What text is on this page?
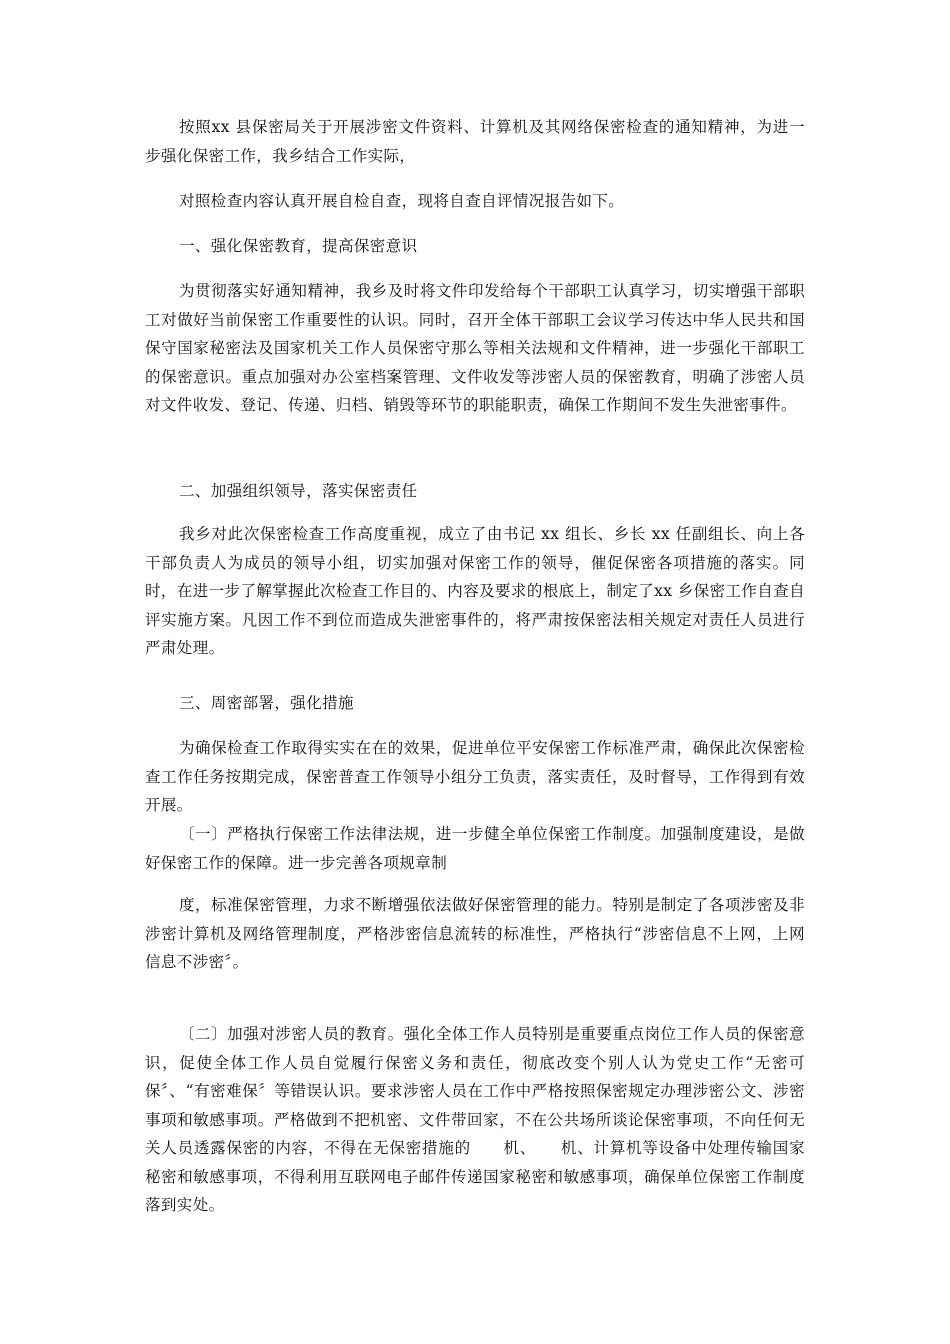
按照xx 县保密局关于开展涉密文件资料、计算机及其网络保密检查的通知精神，为进一步强化保密工作，我乡结合工作实际，

对照检查内容认真开展自检自查，现将自查自评情况报告如下。

一、强化保密教育，提高保密意识

为贯彻落实好通知精神，我乡及时将文件印发给每个干部职工认真学习，切实增强干部职工对做好当前保密工作重要性的认识。同时，召开全体干部职工会议学习传达中华人民共和国保守国家秘密法及国家机关工作人员保密守那么等相关法规和文件精神，进一步强化干部职工的保密意识。重点加强对办公室档案管理、文件收发等涉密人员的保密教育，明确了涉密人员对文件收发、登记、传递、归档、销毁等环节的职能职责，确保工作期间不发生失泄密事件。

二、加强组织领导，落实保密责任

我乡对此次保密检查工作高度重视，成立了由书记 xx 组长、乡长 xx 任副组长、向上各干部负责人为成员的领导小组，切实加强对保密工作的领导，催促保密各项措施的落实。同时，在进一步了解掌握此次检查工作目的、内容及要求的根底上，制定了xx 乡保密工作自查自评实施方案。凡因工作不到位而造成失泄密事件的，将严肃按保密法相关规定对责任人员进行严肃处理。

三、周密部署，强化措施

为确保检查工作取得实实在在的效果，促进单位平安保密工作标准严肃，确保此次保密检查工作任务按期完成，保密普查工作领导小组分工负责，落实责任，及时督导，工作得到有效开展。

〔一〕严格执行保密工作法律法规，进一步健全单位保密工作制度。加强制度建设，是做好保密工作的保障。进一步完善各项规章制

度，标准保密管理，力求不断增强依法做好保密管理的能力。特别是制定了各项涉密及非涉密计算机及网络管理制度，严格涉密信息流转的标准性，严格执行“涉密信息不上网，上网信息不涉密〞。

〔二〕加强对涉密人员的教育。强化全体工作人员特别是重要重点岗位工作人员的保密意识，促使全体工作人员自觉履行保密义务和责任，彻底改变个别人认为党史工作“无密可保〞、“有密难保〞等错误认识。要求涉密人员在工作中严格按照保密规定办理涉密公文、涉密事项和敏感事项。严格做到不把机密、文件带回家，不在公共场所谈论保密事项，不向任何无关人员透露保密的内容，不得在无保密措施的　　机、　　机、计算机等设备中处理传输国家秘密和敏感事项，不得利用互联网电子邮件传递国家秘密和敏感事项，确保单位保密工作制度落到实处。
